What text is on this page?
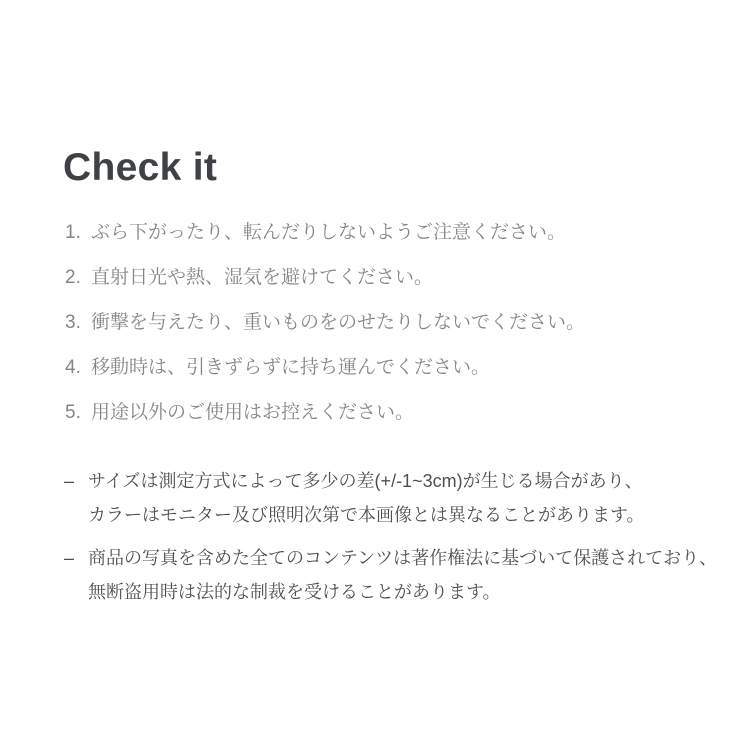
Check it
1. ぶら下がったり、転んだりしないようご注意ください。
2. 直射日光や熱、湿気を避けてください。
3. 衝撃を与えたり、重いものをのせたりしないでください。
4. 移動時は、引きずらずに持ち運んでください。
5. 用途以外のご使用はお控えください。
– サイズは測定方式によって多少の差(+/-1~3cm)が生じる場合があり、
カラーはモニター及び照明次第で本画像とは異なることがあります。
– 商品の写真を含めた全てのコンテンツは著作権法に基づいて保護されており、
無断盗用時は法的な制裁を受けることがあります。
